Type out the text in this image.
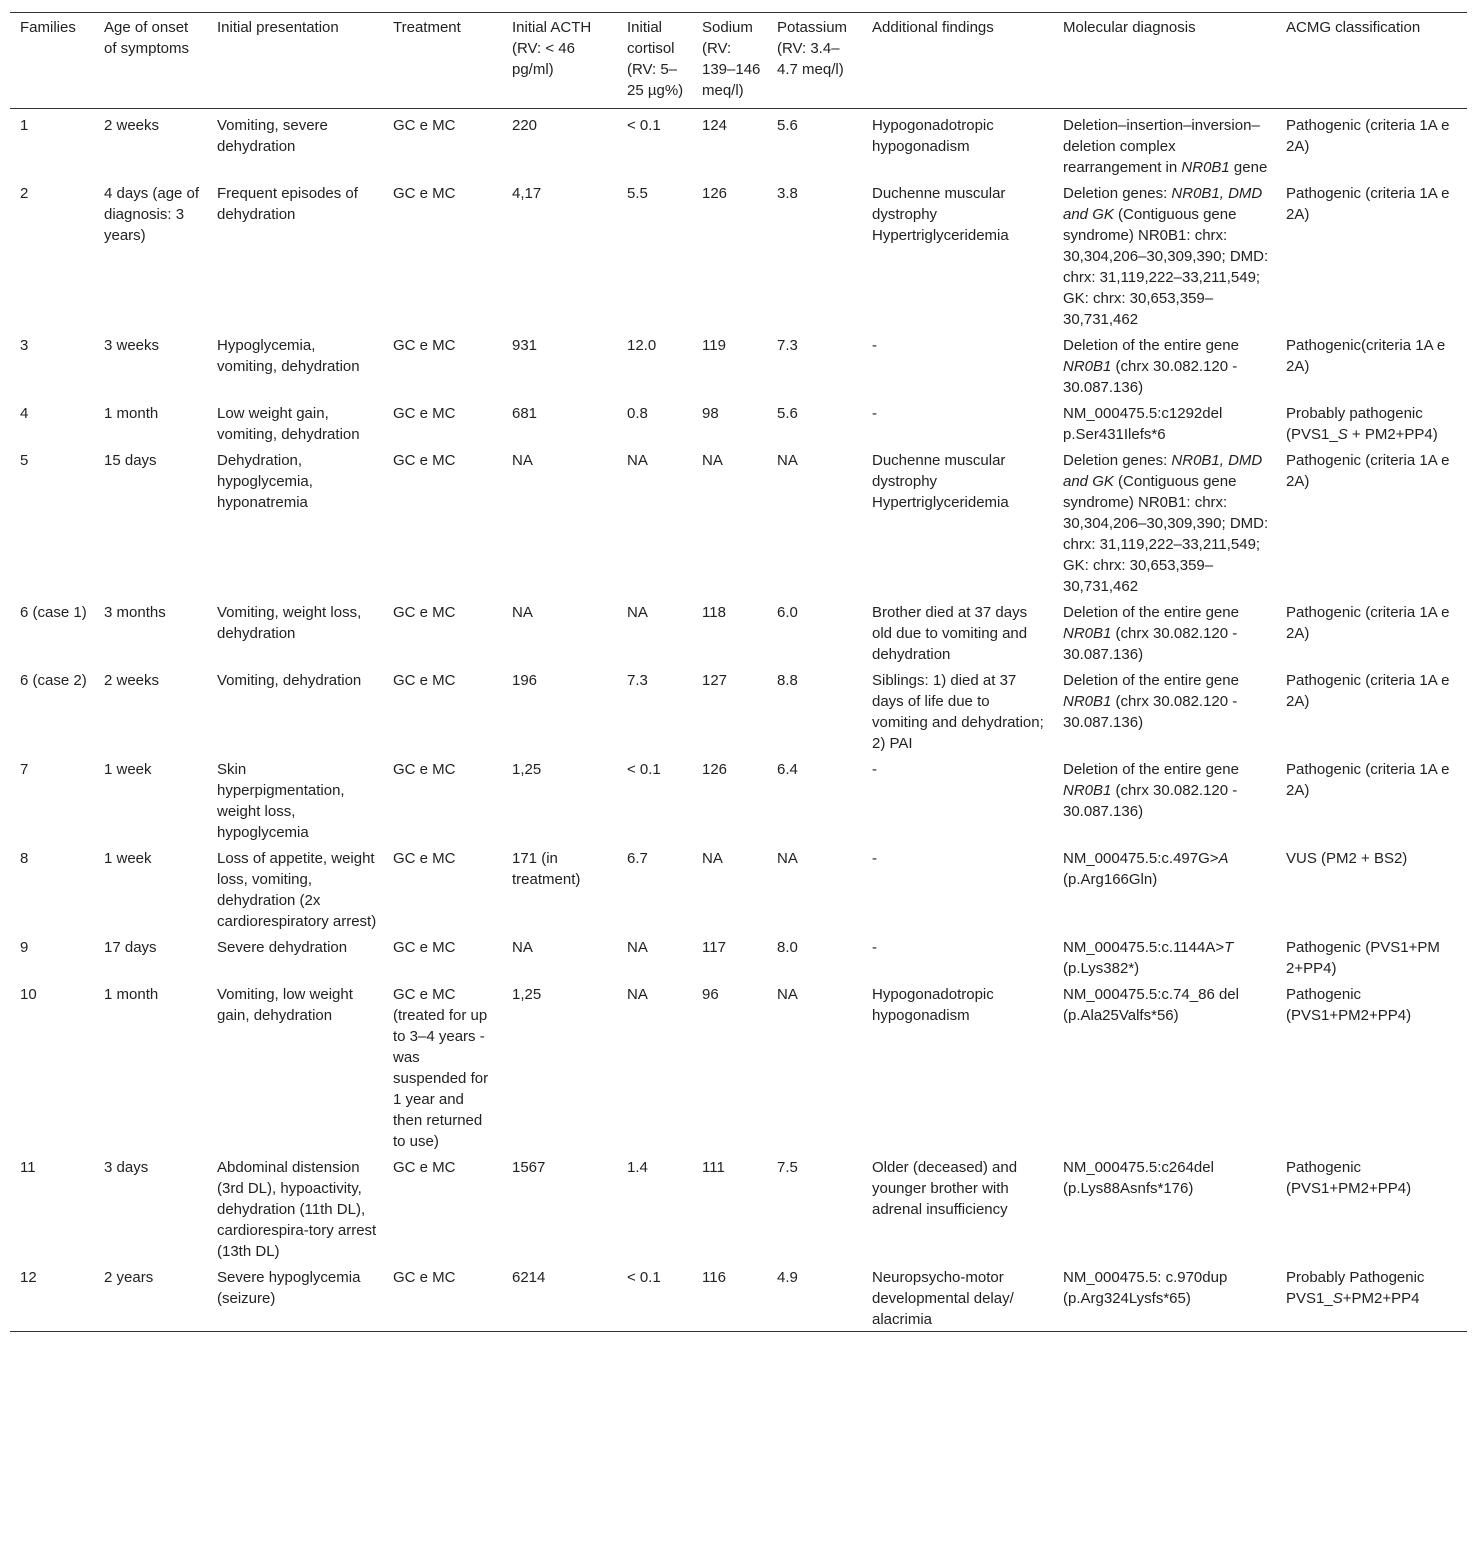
Families	Age of onset of symptoms	Initial presentation	Treatment	Initial ACTH (RV: < 46 pg/ml)	Initial cortisol (RV: 5–25 µg%)	Sodium (RV: 139–146 meq/l)	Potassium (RV: 3.4–4.7 meq/l)	Additional findings	Molecular diagnosis	ACMG classification
1	2 weeks	Vomiting, severe dehydration	GC e MC	220	< 0.1	124	5.6	Hypogonadotropic hypogonadism	Deletion–insertion–inversion–deletion complex rearrangement in NR0B1 gene	Pathogenic (criteria 1A e 2A)
2	4 days (age of diagnosis: 3 years)	Frequent episodes of dehydration	GC e MC	4,17	5.5	126	3.8	Duchenne muscular dystrophy Hypertriglyceridemia	Deletion genes: NR0B1, DMD and GK (Contiguous gene syndrome) NR0B1: chrx: 30,304,206–30,309,390; DMD: chrx: 31,119,222–33,211,549; GK: chrx: 30,653,359–30,731,462	Pathogenic (criteria 1A e 2A)
3	3 weeks	Hypoglycemia, vomiting, dehydration	GC e MC	931	12.0	119	7.3	-	Deletion of the entire gene NR0B1 (chrx 30.082.120 - 30.087.136)	Pathogenic(criteria 1A e 2A)
4	1 month	Low weight gain, vomiting, dehydration	GC e MC	681	0.8	98	5.6	-	NM_000475.5:c1292del p.Ser431Ilefs*6	Probably pathogenic (PVS1_S + PM2+PP4)
5	15 days	Dehydration, hypoglycemia, hyponatremia	GC e MC	NA	NA	NA	NA	Duchenne muscular dystrophy Hypertriglyceridemia	Deletion genes: NR0B1, DMD and GK (Contiguous gene syndrome) NR0B1: chrx: 30,304,206–30,309,390; DMD: chrx: 31,119,222–33,211,549; GK: chrx: 30,653,359–30,731,462	Pathogenic (criteria 1A e 2A)
6 (case 1)	3 months	Vomiting, weight loss, dehydration	GC e MC	NA	NA	118	6.0	Brother died at 37 days old due to vomiting and dehydration	Deletion of the entire gene NR0B1 (chrx 30.082.120 - 30.087.136)	Pathogenic (criteria 1A e 2A)
6 (case 2)	2 weeks	Vomiting, dehydration	GC e MC	196	7.3	127	8.8	Siblings: 1) died at 37 days of life due to vomiting and dehydration; 2) PAI	Deletion of the entire gene NR0B1 (chrx 30.082.120 - 30.087.136)	Pathogenic (criteria 1A e 2A)
7	1 week	Skin hyperpigmentation, weight loss, hypoglycemia	GC e MC	1,25	< 0.1	126	6.4	-	Deletion of the entire gene NR0B1 (chrx 30.082.120 - 30.087.136)	Pathogenic (criteria 1A e 2A)
8	1 week	Loss of appetite, weight loss, vomiting, dehydration (2x cardiorespiratory arrest)	GC e MC	171 (in treatment)	6.7	NA	NA	-	NM_000475.5:c.497G>A (p.Arg166Gln)	VUS (PM2 + BS2)
9	17 days	Severe dehydration	GC e MC	NA	NA	117	8.0	-	NM_000475.5:c.1144A>T (p.Lys382*)	Pathogenic (PVS1+PM 2+PP4)
10	1 month	Vomiting, low weight gain, dehydration	GC e MC (treated for up to 3–4 years - was suspended for 1 year and then returned to use)	1,25	NA	96	NA	Hypogonadotropic hypogonadism	NM_000475.5:c.74_86 del (p.Ala25Valfs*56)	Pathogenic (PVS1+PM2+PP4)
11	3 days	Abdominal distension (3rd DL), hypoactivity, dehydration (11th DL), cardiorespira-tory arrest (13th DL)	GC e MC	1567	1.4	111	7.5	Older (deceased) and younger brother with adrenal insufficiency	NM_000475.5:c264del (p.Lys88Asnfs*176)	Pathogenic (PVS1+PM2+PP4)
12	2 years	Severe hypoglycemia (seizure)	GC e MC	6214	< 0.1	116	4.9	Neuropsycho-motor developmental delay/ alacrimia	NM_000475.5: c.970dup (p.Arg324Lysfs*65)	Probably Pathogenic PVS1_S+PM2+PP4
